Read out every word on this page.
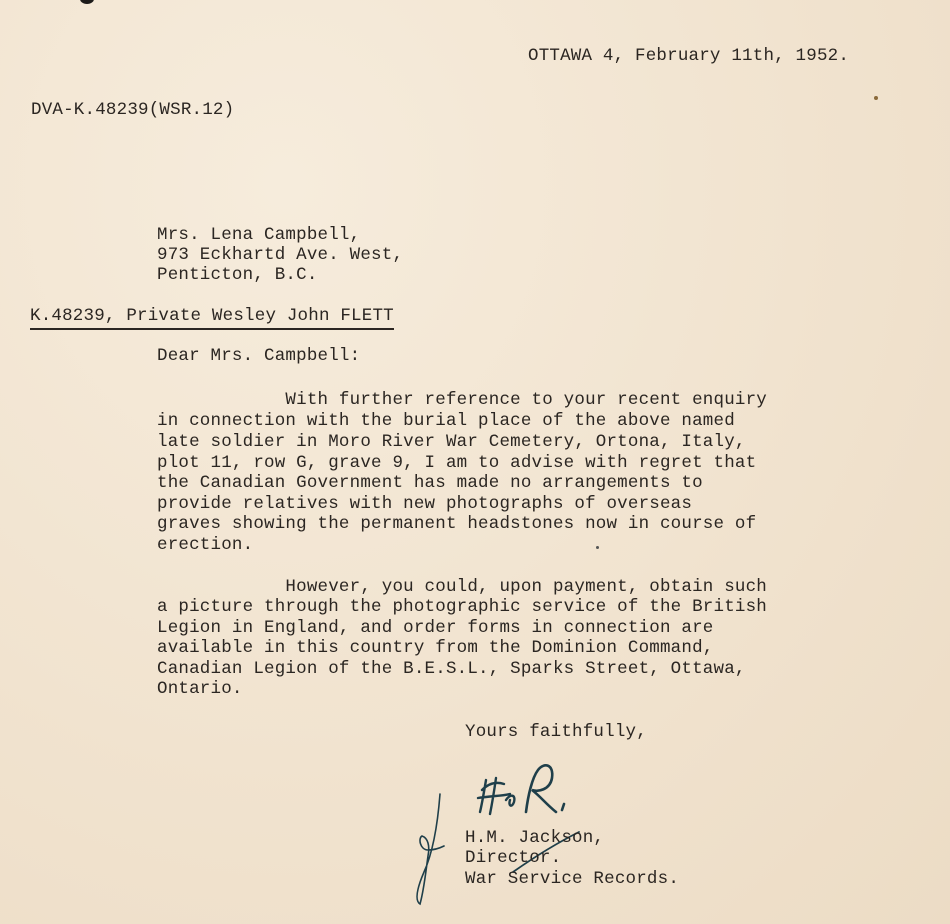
OTTAWA 4, February 11th, 1952.
DVA-K.48239(WSR.12)
Mrs. Lena Campbell,
973 Eckhartd Ave. West,
Penticton, B.C.
K.48239, Private Wesley John FLETT
Dear Mrs. Campbell:
With further reference to your recent enquiry
in connection with the burial place of the above named
late soldier in Moro River War Cemetery, Ortona, Italy,
plot 11, row G, grave 9, I am to advise with regret that
the Canadian Government has made no arrangements to
provide relatives with new photographs of overseas
graves showing the permanent headstones now in course of
erection.
However, you could, upon payment, obtain such
a picture through the photographic service of the British
Legion in England, and order forms in connection are
available in this country from the Dominion Command,
Canadian Legion of the B.E.S.L., Sparks Street, Ottawa,
Ontario.
Yours faithfully,
H.M. Jackson,
Director.
War Service Records.
